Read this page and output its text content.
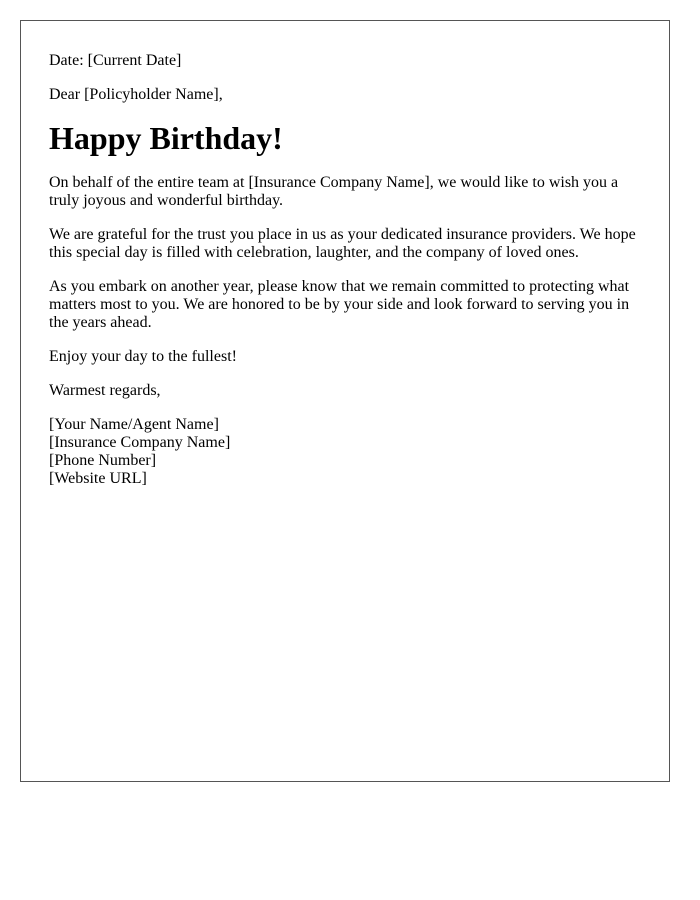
Date: [Current Date]

Dear [Policyholder Name],

Happy Birthday!

On behalf of the entire team at [Insurance Company Name], we would like to wish you a truly joyous and wonderful birthday.

We are grateful for the trust you place in us as your dedicated insurance providers. We hope this special day is filled with celebration, laughter, and the company of loved ones.

As you embark on another year, please know that we remain committed to protecting what matters most to you. We are honored to be by your side and look forward to serving you in the years ahead.

Enjoy your day to the fullest!

Warmest regards,

[Your Name/Agent Name]
[Insurance Company Name]
[Phone Number]
[Website URL]
